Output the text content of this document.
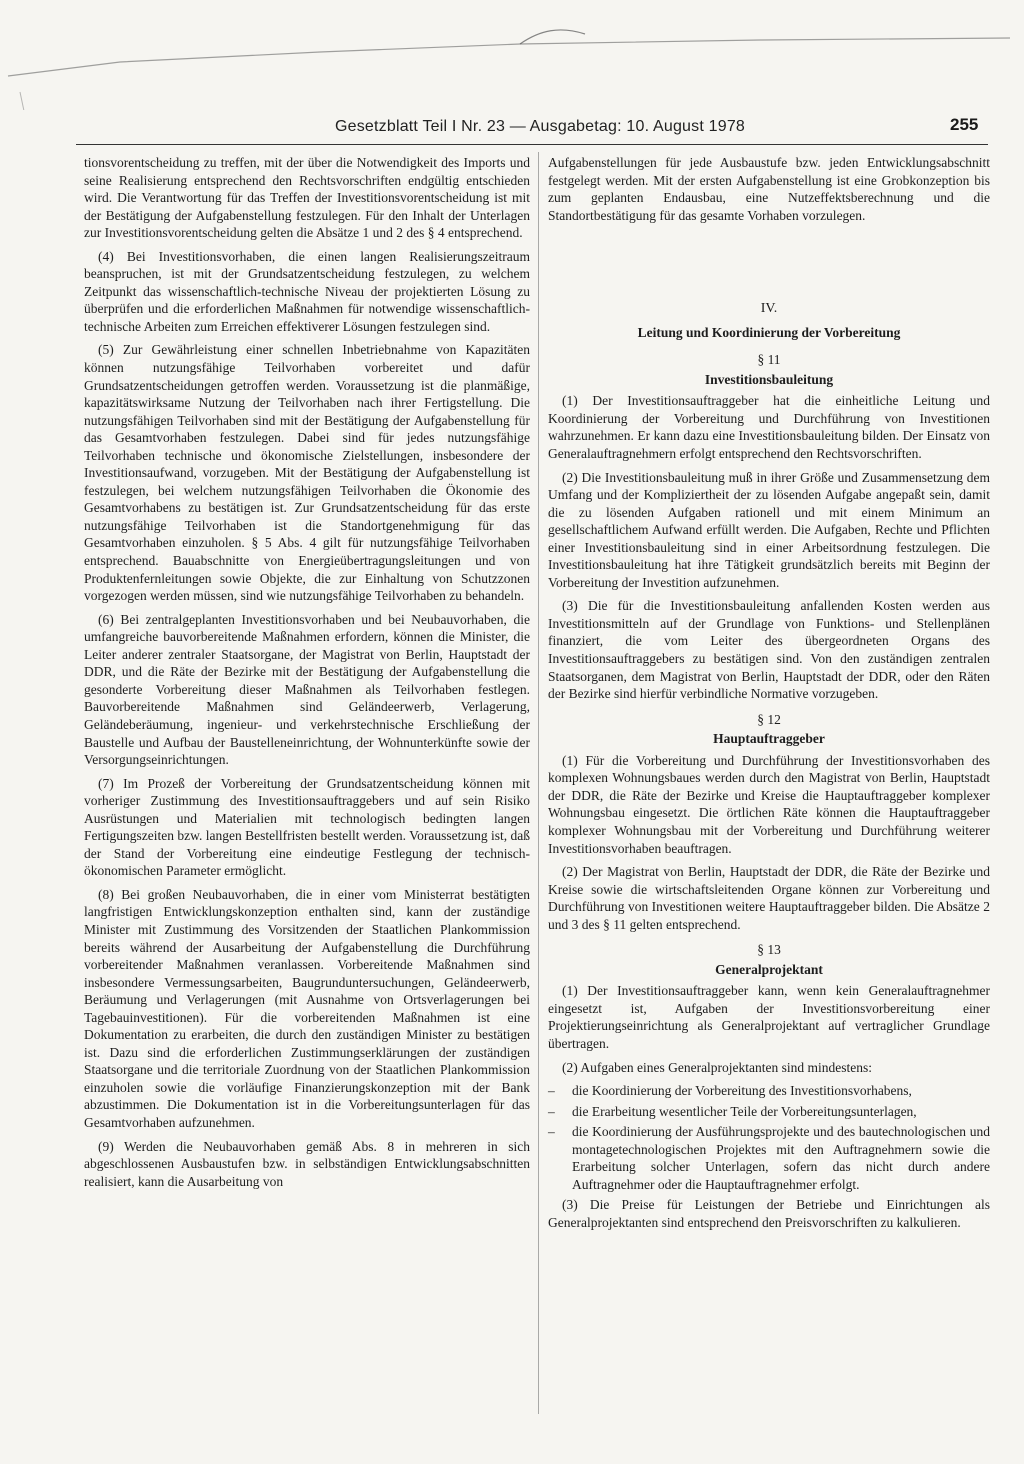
Gesetzblatt Teil I Nr. 23 — Ausgabetag: 10. August 1978	255

tionsvorentscheidung zu treffen, mit der über die Notwendigkeit des Imports und seine Realisierung entsprechend den Rechtsvorschriften endgültig entschieden wird. Die Verantwortung für das Treffen der Investitionsvorentscheidung ist mit der Bestätigung der Aufgabenstellung festzulegen. Für den Inhalt der Unterlagen zur Investitionsvorentscheidung gelten die Absätze 1 und 2 des § 4 entsprechend.

(4) Bei Investitionsvorhaben, die einen langen Realisierungszeitraum beanspruchen, ist mit der Grundsatzentscheidung festzulegen, zu welchem Zeitpunkt das wissenschaftlich-technische Niveau der projektierten Lösung zu überprüfen und die erforderlichen Maßnahmen für notwendige wissenschaftlich-technische Arbeiten zum Erreichen effektiverer Lösungen festzulegen sind.

(5) Zur Gewährleistung einer schnellen Inbetriebnahme von Kapazitäten können nutzungsfähige Teilvorhaben vorbereitet und dafür Grundsatzentscheidungen getroffen werden. Voraussetzung ist die planmäßige, kapazitätswirksame Nutzung der Teilvorhaben nach ihrer Fertigstellung. Die nutzungsfähigen Teilvorhaben sind mit der Bestätigung der Aufgabenstellung für das Gesamtvorhaben festzulegen. Dabei sind für jedes nutzungsfähige Teilvorhaben technische und ökonomische Zielstellungen, insbesondere der Investitionsaufwand, vorzugeben. Mit der Bestätigung der Aufgabenstellung ist festzulegen, bei welchem nutzungsfähigen Teilvorhaben die Ökonomie des Gesamtvorhabens zu bestätigen ist. Zur Grundsatzentscheidung für das erste nutzungsfähige Teilvorhaben ist die Standortgenehmigung für das Gesamtvorhaben einzuholen. § 5 Abs. 4 gilt für nutzungsfähige Teilvorhaben entsprechend. Bauabschnitte von Energieübertragungsleitungen und von Produktenfernleitungen sowie Objekte, die zur Einhaltung von Schutzzonen vorgezogen werden müssen, sind wie nutzungsfähige Teilvorhaben zu behandeln.

(6) Bei zentralgeplanten Investitionsvorhaben und bei Neubauvorhaben, die umfangreiche bauvorbereitende Maßnahmen erfordern, können die Minister, die Leiter anderer zentraler Staatsorgane, der Magistrat von Berlin, Hauptstadt der DDR, und die Räte der Bezirke mit der Bestätigung der Aufgabenstellung die gesonderte Vorbereitung dieser Maßnahmen als Teilvorhaben festlegen. Bauvorbereitende Maßnahmen sind Geländeerwerb, Verlagerung, Geländeberäumung, ingenieur- und verkehrstechnische Erschließung der Baustelle und Aufbau der Baustelleneinrichtung, der Wohnunterkünfte sowie der Versorgungseinrichtungen.

(7) Im Prozeß der Vorbereitung der Grundsatzentscheidung können mit vorheriger Zustimmung des Investitionsauftraggebers und auf sein Risiko Ausrüstungen und Materialien mit technologisch bedingten langen Fertigungszeiten bzw. langen Bestellfristen bestellt werden. Voraussetzung ist, daß der Stand der Vorbereitung eine eindeutige Festlegung der technisch-ökonomischen Parameter ermöglicht.

(8) Bei großen Neubauvorhaben, die in einer vom Ministerrat bestätigten langfristigen Entwicklungskonzeption enthalten sind, kann der zuständige Minister mit Zustimmung des Vorsitzenden der Staatlichen Plankommission bereits während der Ausarbeitung der Aufgabenstellung die Durchführung vorbereitender Maßnahmen veranlassen. Vorbereitende Maßnahmen sind insbesondere Vermessungsarbeiten, Baugrunduntersuchungen, Geländeerwerb, Beräumung und Verlagerungen (mit Ausnahme von Ortsverlagerungen bei Tagebauinvestitionen). Für die vorbereitenden Maßnahmen ist eine Dokumentation zu erarbeiten, die durch den zuständigen Minister zu bestätigen ist. Dazu sind die erforderlichen Zustimmungserklärungen der zuständigen Staatsorgane und die territoriale Zuordnung von der Staatlichen Plankommission einzuholen sowie die vorläufige Finanzierungskonzeption mit der Bank abzustimmen. Die Dokumentation ist in die Vorbereitungsunterlagen für das Gesamtvorhaben aufzunehmen.

(9) Werden die Neubauvorhaben gemäß Abs. 8 in mehreren in sich abgeschlossenen Ausbaustufen bzw. in selbständigen Entwicklungsabschnitten realisiert, kann die Ausarbeitung von

Aufgabenstellungen für jede Ausbaustufe bzw. jeden Entwicklungsabschnitt festgelegt werden. Mit der ersten Aufgabenstellung ist eine Grobkonzeption bis zum geplanten Endausbau, eine Nutzeffektsberechnung und die Standortbestätigung für das gesamte Vorhaben vorzulegen.

IV.
Leitung und Koordinierung der Vorbereitung
§ 11
Investitionsbauleitung

(1) Der Investitionsauftraggeber hat die einheitliche Leitung und Koordinierung der Vorbereitung und Durchführung von Investitionen wahrzunehmen. Er kann dazu eine Investitionsbauleitung bilden. Der Einsatz von Generalauftragnehmern erfolgt entsprechend den Rechtsvorschriften.

(2) Die Investitionsbauleitung muß in ihrer Größe und Zusammensetzung dem Umfang und der Kompliziertheit der zu lösenden Aufgabe angepaßt sein, damit die zu lösenden Aufgaben rationell und mit einem Minimum an gesellschaftlichem Aufwand erfüllt werden. Die Aufgaben, Rechte und Pflichten einer Investitionsbauleitung sind in einer Arbeitsordnung festzulegen. Die Investitionsbauleitung hat ihre Tätigkeit grundsätzlich bereits mit Beginn der Vorbereitung der Investition aufzunehmen.

(3) Die für die Investitionsbauleitung anfallenden Kosten werden aus Investitionsmitteln auf der Grundlage von Funktions- und Stellenplänen finanziert, die vom Leiter des übergeordneten Organs des Investitionsauftraggebers zu bestätigen sind. Von den zuständigen zentralen Staatsorganen, dem Magistrat von Berlin, Hauptstadt der DDR, oder den Räten der Bezirke sind hierfür verbindliche Normative vorzugeben.

§ 12
Hauptauftraggeber

(1) Für die Vorbereitung und Durchführung der Investitionsvorhaben des komplexen Wohnungsbaues werden durch den Magistrat von Berlin, Hauptstadt der DDR, die Räte der Bezirke und Kreise die Hauptauftraggeber komplexer Wohnungsbau eingesetzt. Die örtlichen Räte können die Hauptauftraggeber komplexer Wohnungsbau mit der Vorbereitung und Durchführung weiterer Investitionsvorhaben beauftragen.

(2) Der Magistrat von Berlin, Hauptstadt der DDR, die Räte der Bezirke und Kreise sowie die wirtschaftsleitenden Organe können zur Vorbereitung und Durchführung von Investitionen weitere Hauptauftraggeber bilden. Die Absätze 2 und 3 des § 11 gelten entsprechend.

§ 13
Generalprojektant

(1) Der Investitionsauftraggeber kann, wenn kein Generalauftragnehmer eingesetzt ist, Aufgaben der Investitionsvorbereitung einer Projektierungseinrichtung als Generalprojektant auf vertraglicher Grundlage übertragen.

(2) Aufgaben eines Generalprojektanten sind mindestens:

– die Koordinierung der Vorbereitung des Investitionsvorhabens,
– die Erarbeitung wesentlicher Teile der Vorbereitungsunterlagen,
– die Koordinierung der Ausführungsprojekte und des bautechnologischen und montagetechnologischen Projektes mit den Auftragnehmern sowie die Erarbeitung solcher Unterlagen, sofern das nicht durch andere Auftragnehmer oder die Hauptauftragnehmer erfolgt.

(3) Die Preise für Leistungen der Betriebe und Einrichtungen als Generalprojektanten sind entsprechend den Preisvorschriften zu kalkulieren.
